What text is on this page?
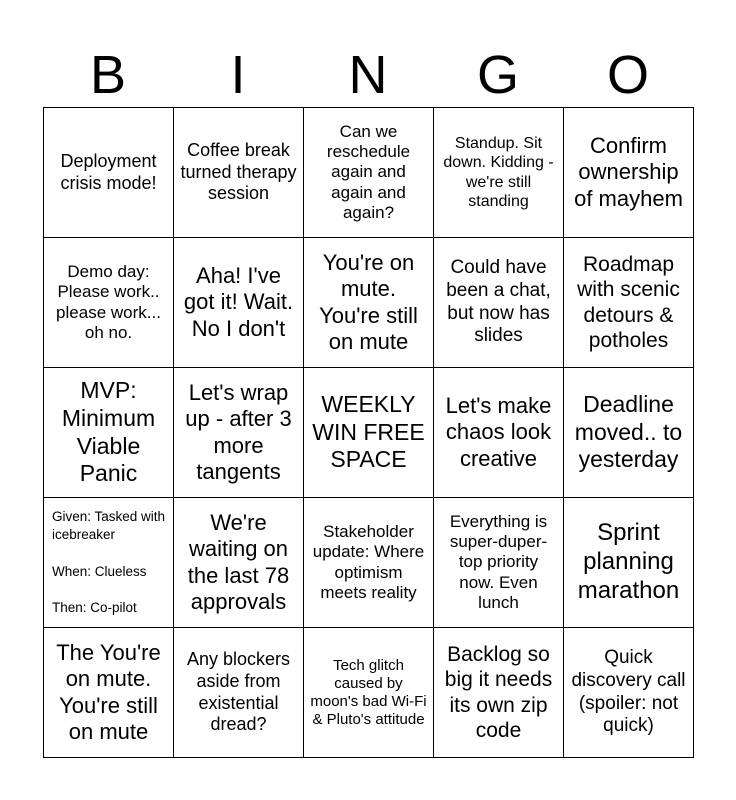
B	I	N	G	O
Deployment crisis mode!
Coffee break turned therapy session
Can we reschedule again and again and again?
Standup. Sit down. Kidding - we're still standing
Confirm ownership of mayhem
Demo day: Please work.. please work... oh no.
Aha! I've got it! Wait. No I don't
You're on mute. You're still on mute
Could have been a chat, but now has slides
Roadmap with scenic detours & potholes
MVP: Minimum Viable Panic
Let's wrap up - after 3 more tangents
WEEKLY WIN FREE SPACE
Let's make chaos look creative
Deadline moved.. to yesterday
Given: Tasked with icebreaker

When: Clueless

Then: Co-pilot
We're waiting on the last 78 approvals
Stakeholder update: Where optimism meets reality
Everything is super-duper-top priority now. Even lunch
Sprint planning marathon
The You're on mute. You're still on mute
Any blockers aside from existential dread?
Tech glitch caused by moon's bad Wi-Fi & Pluto's attitude
Backlog so big it needs its own zip code
Quick discovery call (spoiler: not quick)
